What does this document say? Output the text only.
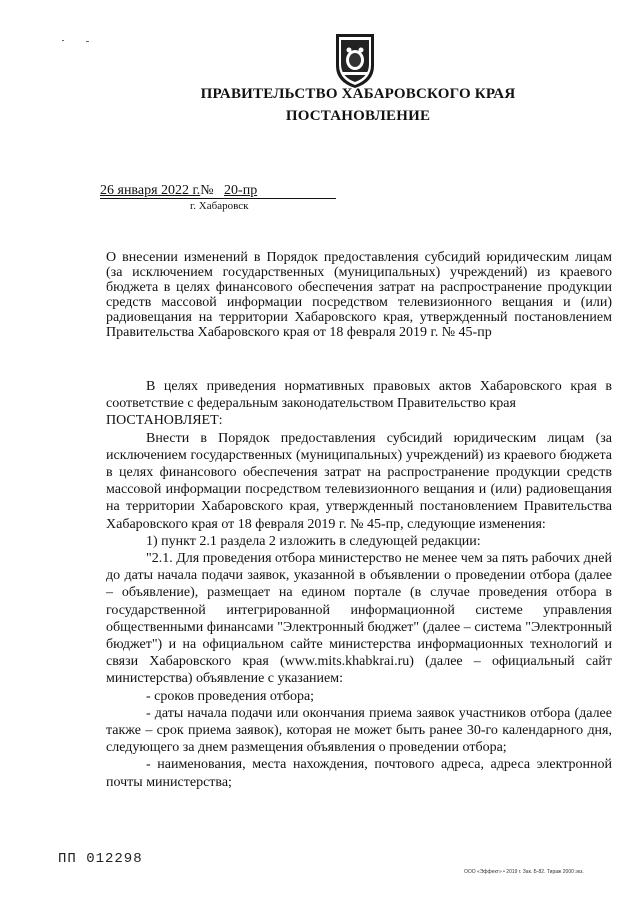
ПРАВИТЕЛЬСТВО ХАБАРОВСКОГО КРАЯ
ПОСТАНОВЛЕНИЕ
26 января 2022 г.№ 20-пр
г. Хабаровск
О внесении изменений в Порядок предоставления субсидий юридическим лицам (за исключением государственных (муниципальных) учреждений) из краевого бюджета в целях финансового обеспечения затрат на распространение продукции средств массовой информации посредством телевизионного вещания и (или) радиовещания на территории Хабаровского края, утвержденный постановлением Правительства Хабаровского края от 18 февраля 2019 г. № 45-пр

В целях приведения нормативных правовых актов Хабаровского края в соответствие с федеральным законодательством Правительство края

ПОСТАНОВЛЯЕТ:

Внести в Порядок предоставления субсидий юридическим лицам (за исключением государственных (муниципальных) учреждений) из краевого бюджета в целях финансового обеспечения затрат на распространение продукции средств массовой информации посредством телевизионного вещания и (или) радиовещания на территории Хабаровского края, утвержденный постановлением Правительства Хабаровского края от 18 февраля 2019 г. № 45-пр, следующие изменения:

1) пункт 2.1 раздела 2 изложить в следующей редакции:

"2.1. Для проведения отбора министерство не менее чем за пять рабочих дней до даты начала подачи заявок, указанной в объявлении о проведении отбора (далее – объявление), размещает на едином портале (в случае проведения отбора в государственной интегрированной информационной системе управления общественными финансами "Электронный бюджет" (далее – система "Электронный бюджет") и на официальном сайте министерства информационных технологий и связи Хабаровского края (www.mits.khabkrai.ru) (далее – официальный сайт министерства) объявление с указанием:

- сроков проведения отбора;

- даты начала подачи или окончания приема заявок участников отбора (далее также – срок приема заявок), которая не может быть ранее 30-го календарного дня, следующего за днем размещения объявления о проведении отбора;

- наименования, места нахождения, почтового адреса, адреса электронной почты министерства;

ПП 012298
ООО «Эффект» • 2019 г. Зак. Б-82. Тираж 2000 экз.
